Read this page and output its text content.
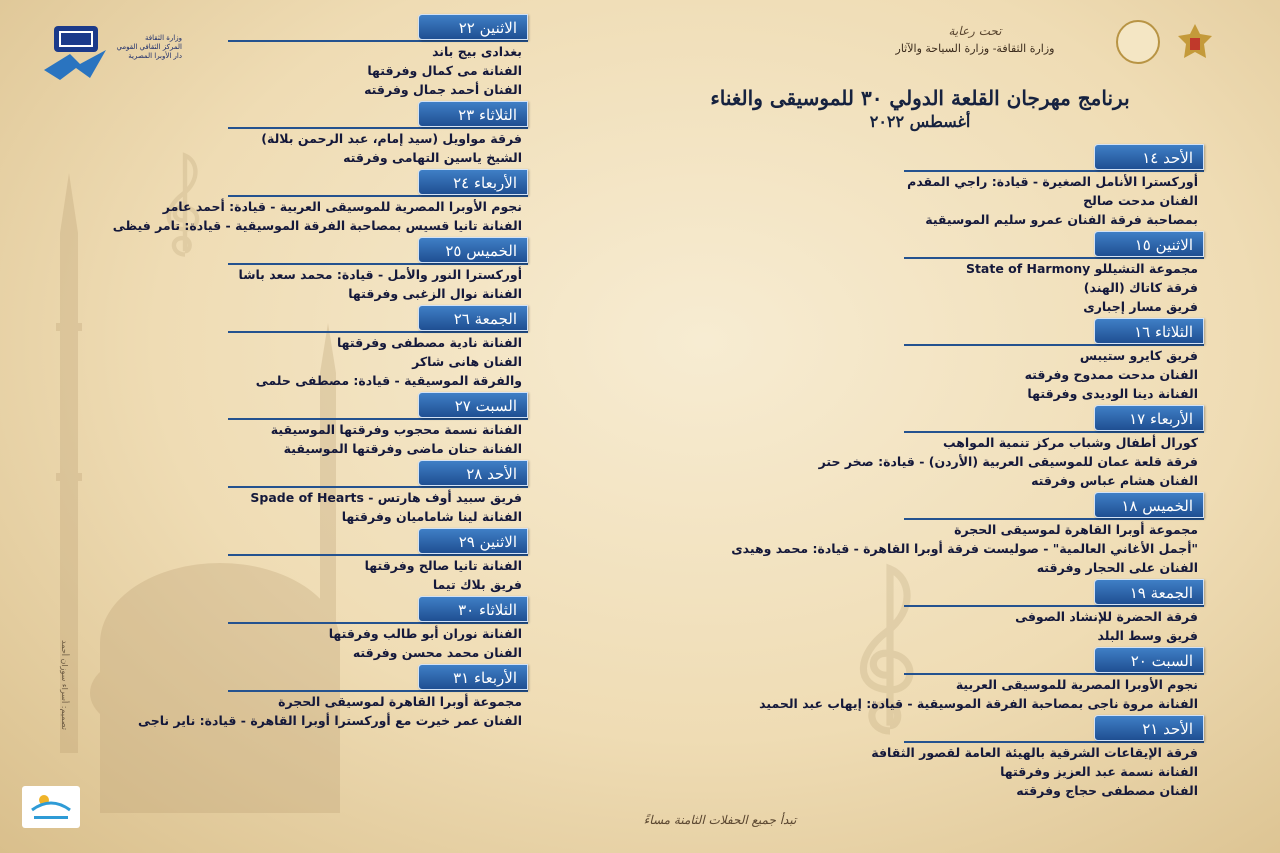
وزارة الثقافة
المركز الثقافي القومي
دار الأوبرا المصرية
تحت رعاية
وزارة الثقافة- وزارة السياحة والآثار
برنامج مهرجان القلعة الدولي ٣٠ للموسيقى والغناء
أغسطس ٢٠٢٢
الأحد ١٤
أوركسترا الأنامل الصغيرة - قيادة: راجي المقدم
الفنان مدحت صالح
بمصاحبة فرقة الفنان عمرو سليم الموسيقية
الاثنين ١٥
مجموعة التشيللو State of Harmony
فرقة كاتاك (الهند)
فريق مسار إجبارى
الثلاثاء ١٦
فريق كايرو ستيبس
الفنان مدحت ممدوح وفرقته
الفنانة دينا الوديدى وفرقتها
الأربعاء ١٧
كورال أطفال وشباب مركز تنمية المواهب
فرقة قلعة عمان للموسيقى العربية (الأردن) - قيادة: صخر حتر
الفنان هشام عباس وفرقته
الخميس ١٨
مجموعة أوبرا القاهرة لموسيقى الحجرة
"أجمل الأغاني العالمية" - صوليست فرقة أوبرا القاهرة - قيادة: محمد وهيدى
الفنان على الحجار وفرقته
الجمعة ١٩
فرقة الحضرة للإنشاد الصوفى
فريق وسط البلد
السبت ٢٠
نجوم الأوبرا المصرية للموسيقى العربية
الفنانة مروة ناجى بمصاحبة الفرقة الموسيقية - قيادة: إيهاب عبد الحميد
الأحد ٢١
فرقة الإيقاعات الشرقية بالهيئة العامة لقصور الثقافة
الفنانة نسمة عبد العزيز وفرقتها
الفنان مصطفى حجاج وفرقته
الاثنين ٢٢
بغدادى بيج باند
الفنانة مى كمال وفرقتها
الفنان أحمد جمال وفرقته
الثلاثاء ٢٣
فرقة مواويل (سيد إمام، عبد الرحمن بلالة)
الشيخ ياسين التهامى وفرقته
الأربعاء ٢٤
نجوم الأوبرا المصرية للموسيقى العربية - قيادة: أحمد عامر
الفنانة تانيا قسيس بمصاحبة الفرقة الموسيقية - قيادة: تامر فيظى
الخميس ٢٥
أوركسترا النور والأمل - قيادة: محمد سعد باشا
الفنانة نوال الزغبى وفرقتها
الجمعة ٢٦
الفنانة نادية مصطفى وفرقتها
الفنان هانى شاكر
والفرقة الموسيقية - قيادة: مصطفى حلمى
السبت ٢٧
الفنانة نسمة محجوب وفرقتها الموسيقية
الفنانة حنان ماضى وفرقتها الموسيقية
الأحد ٢٨
فريق سبيد أوف هارتس - Spade of Hearts
الفنانة لينا شاماميان وفرقتها
الاثنين ٢٩
الفنانة تانيا صالح وفرقتها
فريق بلاك تيما
الثلاثاء ٣٠
الفنانة نوران أبو طالب وفرقتها
الفنان محمد محسن وفرقته
الأربعاء ٣١
مجموعة أوبرا القاهرة لموسيقى الحجرة
الفنان عمر خيرت مع أوركسترا أوبرا القاهرة - قيادة: ناير ناجى
تصميم: أسراء سوزان أحمد
تبدأ جميع الحفلات الثامنة مساءً
